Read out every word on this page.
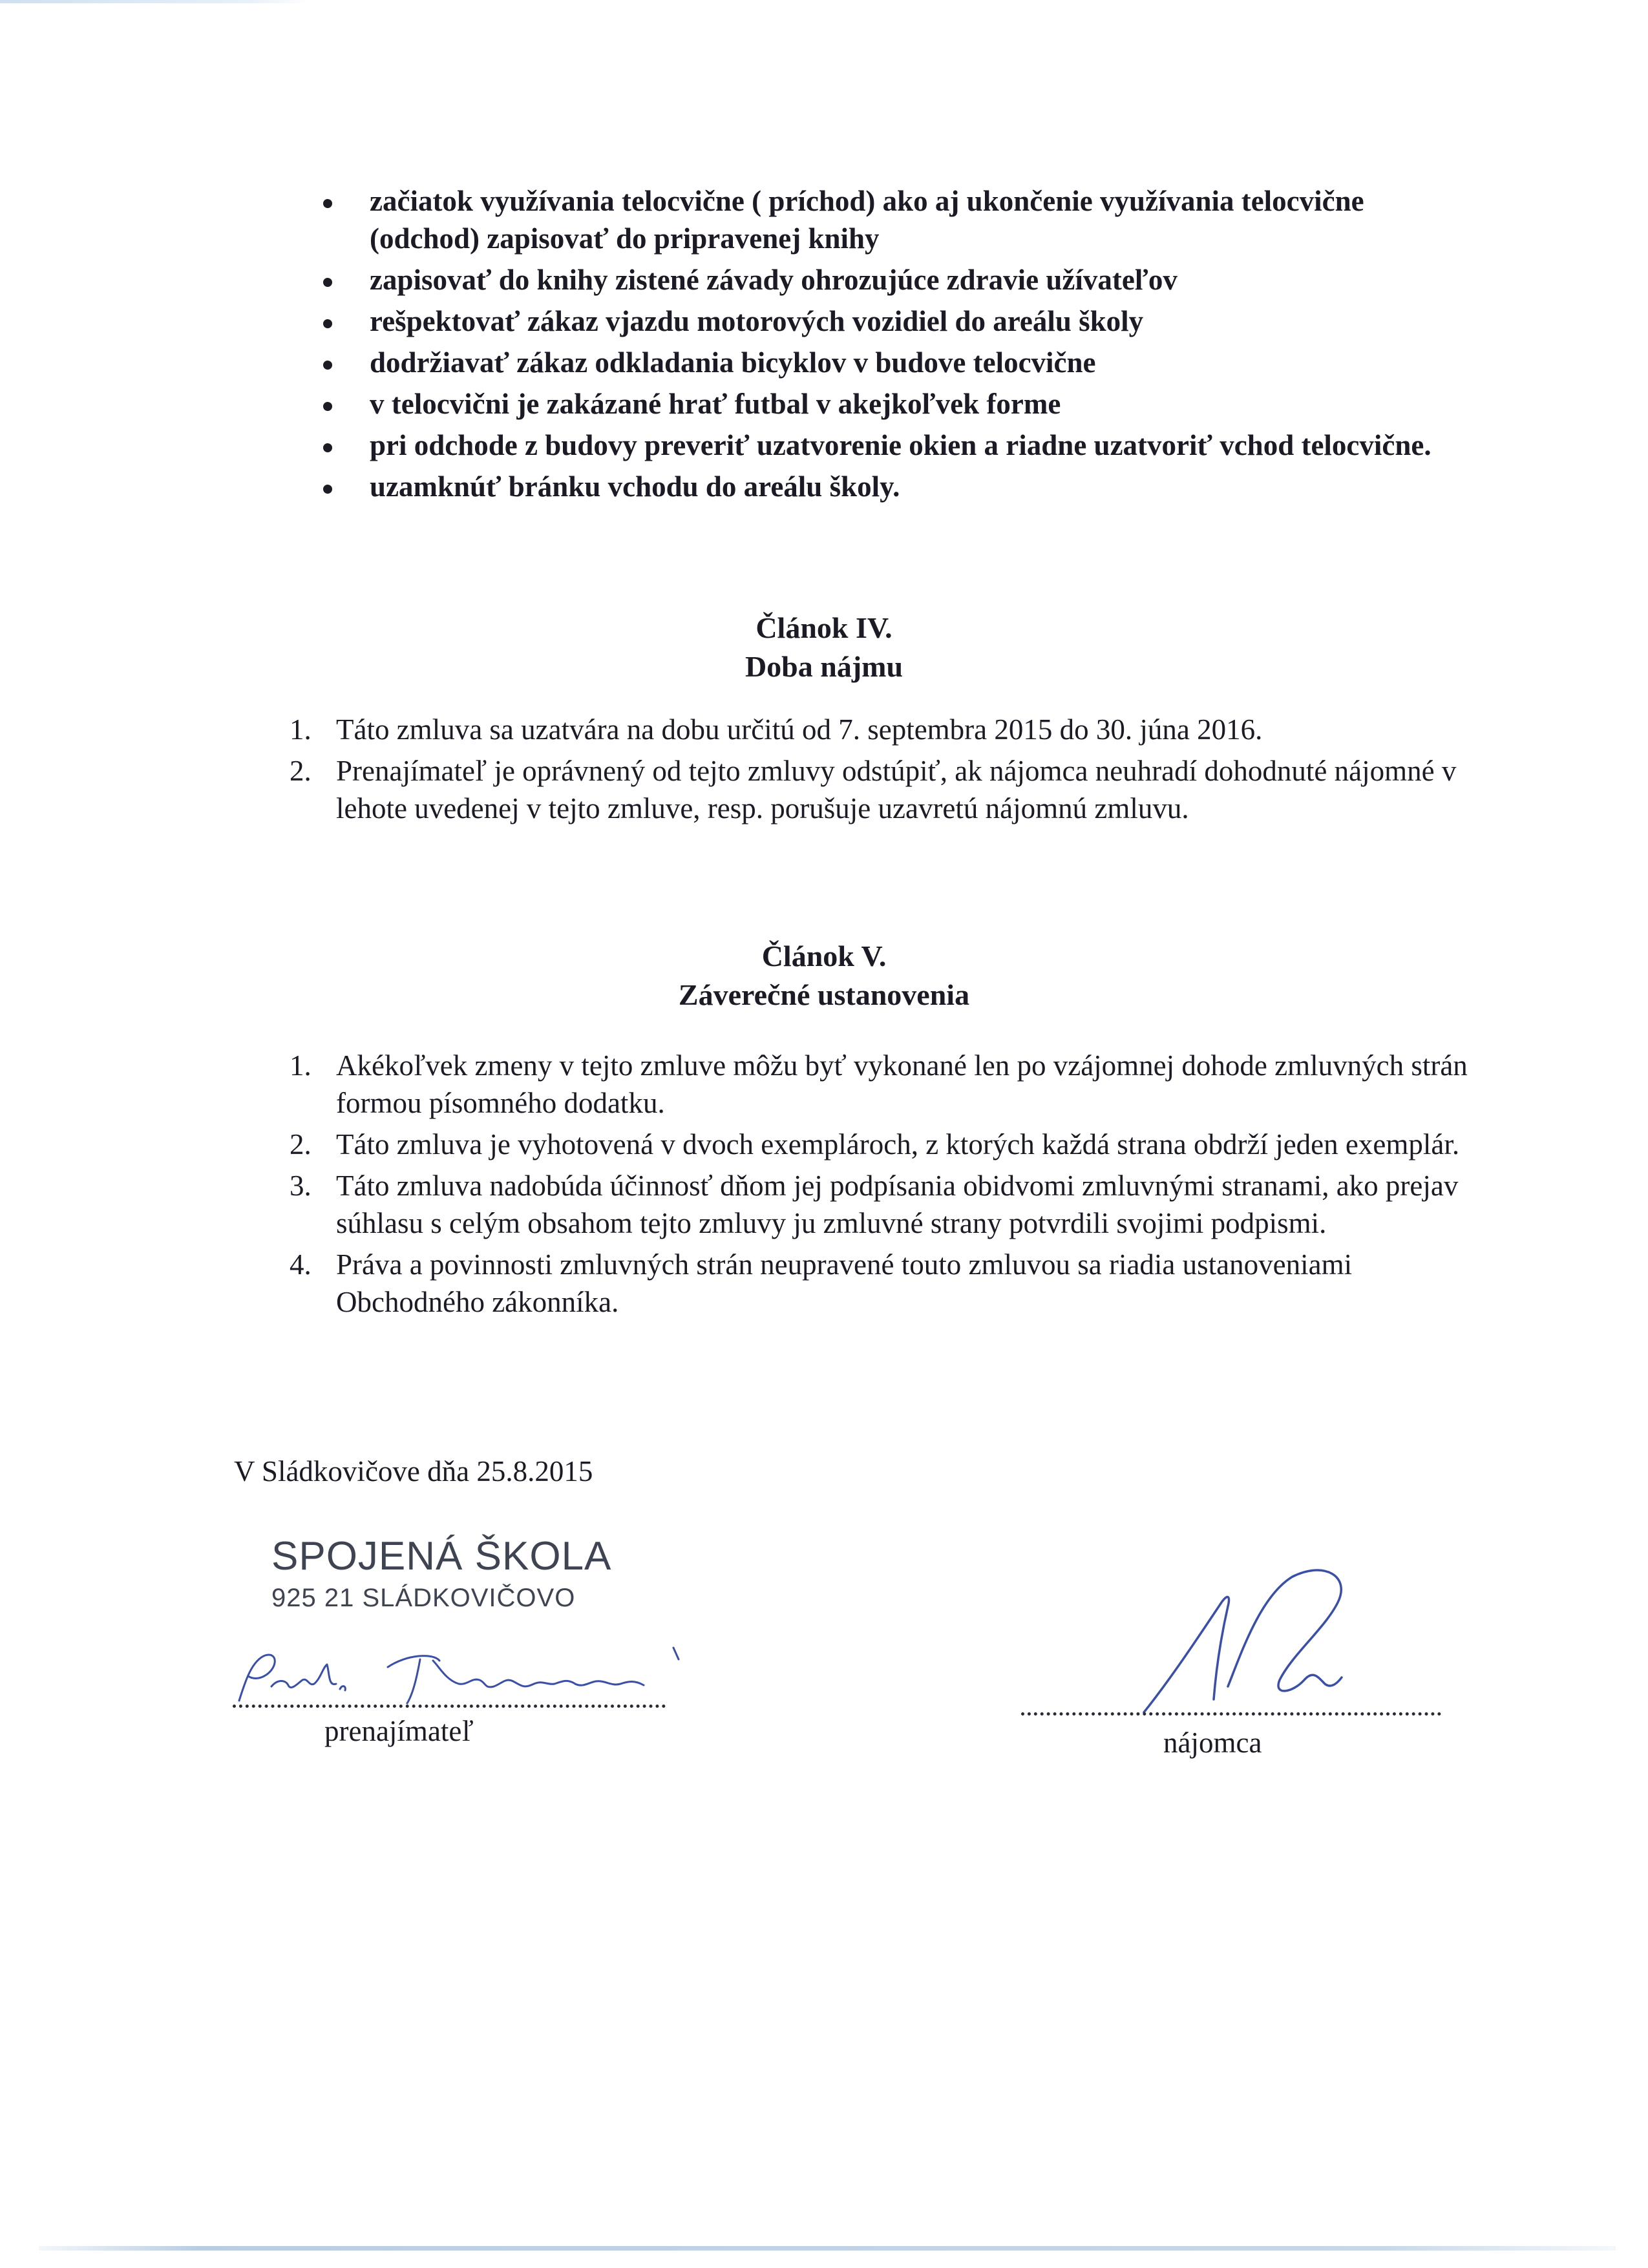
začiatok využívania telocvične ( príchod) ako aj ukončenie využívania telocvične (odchod) zapisovať do pripravenej knihy
zapisovať do knihy zistené závady ohrozujúce zdravie užívateľov
rešpektovať zákaz vjazdu motorových vozidiel do areálu školy
dodržiavať zákaz odkladania bicyklov v budove telocvične
v telocvični je zakázané hrať futbal v akejkoľvek forme
pri odchode z budovy preveriť uzatvorenie okien a riadne uzatvoriť vchod telocvične.
uzamknúť bránku vchodu do areálu školy.
Článok IV.
Doba nájmu
1. Táto zmluva sa uzatvára na dobu určitú od 7. septembra 2015 do 30. júna 2016.
2. Prenajímateľ je oprávnený od tejto zmluvy odstúpiť, ak nájomca neuhradí dohodnuté nájomné v lehote uvedenej v tejto zmluve, resp. porušuje uzavretú nájomnú zmluvu.
Článok V.
Záverečné ustanovenia
1. Akékoľvek zmeny v tejto zmluve môžu byť vykonané len po vzájomnej dohode zmluvných strán formou písomného dodatku.
2. Táto zmluva je vyhotovená v dvoch exemplároch, z ktorých každá strana obdrží jeden exemplár.
3. Táto zmluva nadobúda účinnosť dňom jej podpísania obidvomi zmluvnými stranami, ako prejav súhlasu s celým obsahom tejto zmluvy ju zmluvné strany potvrdili svojimi podpismi.
4. Práva a povinnosti zmluvných strán neupravené touto zmluvou sa riadia ustanoveniami Obchodného zákonníka.
V Sládkovičove dňa 25.8.2015
SPOJENÁ ŠKOLA
925 21 SLÁDKOVIČOVO
prenajímateľ	nájomca
